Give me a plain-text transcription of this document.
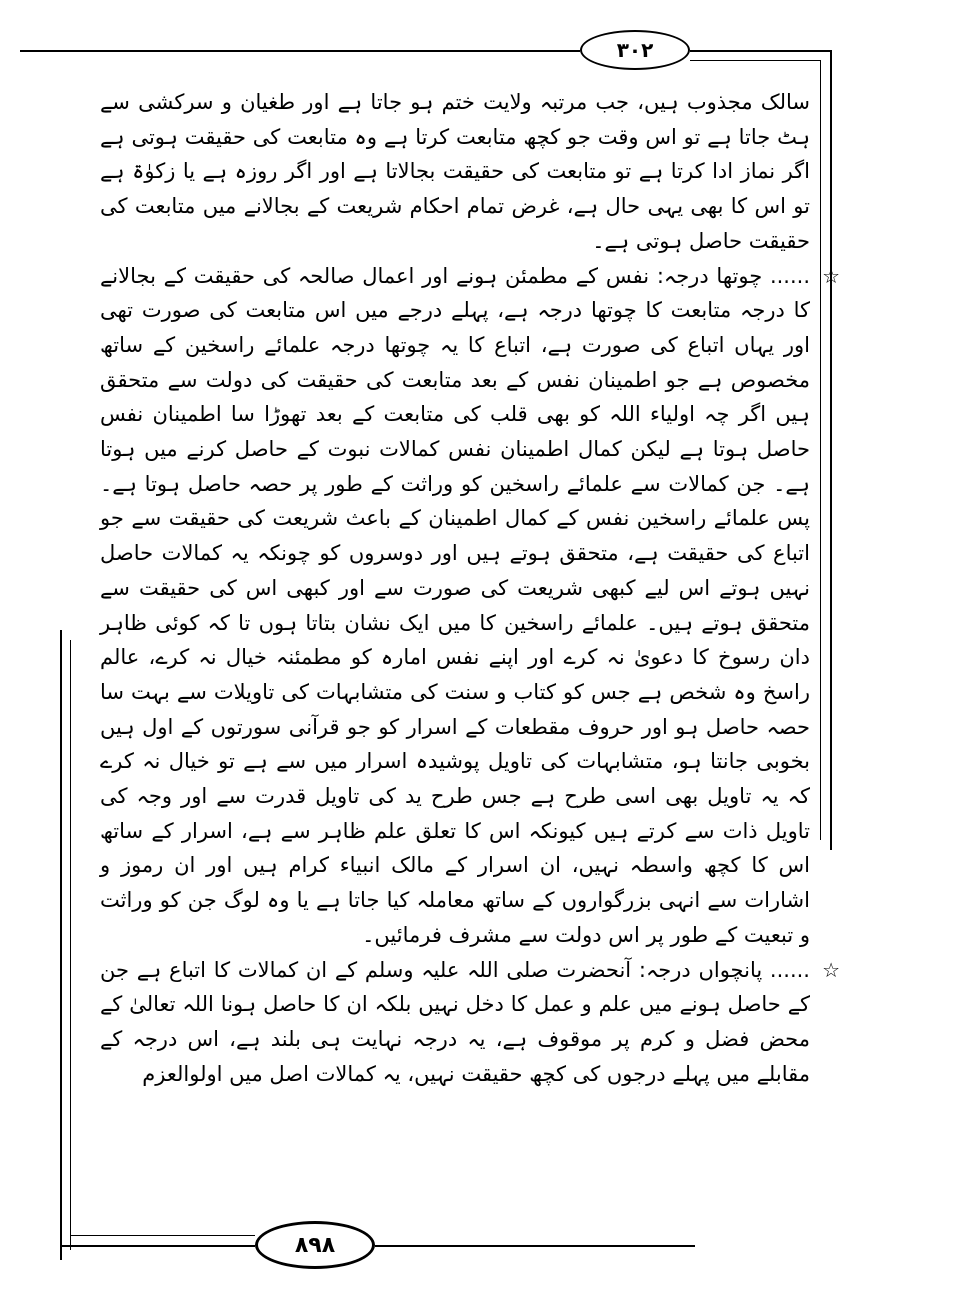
۳۰۲
۸۹۸

سالک مجذوب ہیں، جب مرتبہ ولایت ختم ہو جاتا ہے اور طغیان و سرکشی سے ہٹ جاتا ہے تو اس وقت جو کچھ متابعت کرتا ہے وہ متابعت کی حقیقت ہوتی ہے اگر نماز ادا کرتا ہے تو متابعت کی حقیقت بجالاتا ہے اور اگر روزہ ہے یا زکوٰۃ ہے تو اس کا بھی یہی حال ہے، غرض تمام احکام شریعت کے بجالانے میں متابعت کی حقیقت حاصل ہوتی ہے۔

☆

...... چوتھا درجہ: نفس کے مطمئن ہونے اور اعمال صالحہ کی حقیقت کے بجالانے کا درجہ متابعت کا چوتھا درجہ ہے، پہلے درجے میں اس متابعت کی صورت تھی اور یہاں اتباع کی صورت ہے، اتباع کا یہ چوتھا درجہ علمائے راسخین کے ساتھ مخصوص ہے جو اطمینان نفس کے بعد متابعت کی حقیقت کی دولت سے متحقق ہیں اگر چہ اولیاء اللہ کو بھی قلب کی متابعت کے بعد تھوڑا سا اطمینان نفس حاصل ہوتا ہے لیکن کمال اطمینان نفس کمالات نبوت کے حاصل کرنے میں ہوتا ہے۔ جن کمالات سے علمائے راسخین کو وراثت کے طور پر حصہ حاصل ہوتا ہے۔ پس علمائے راسخین نفس کے کمال اطمینان کے باعث شریعت کی حقیقت سے جو اتباع کی حقیقت ہے، متحقق ہوتے ہیں اور دوسروں کو چونکہ یہ کمالات حاصل نہیں ہوتے اس لیے کبھی شریعت کی صورت سے اور کبھی اس کی حقیقت سے متحقق ہوتے ہیں۔ علمائے راسخین کا میں ایک نشان بتاتا ہوں تا کہ کوئی ظاہر دان رسوخ کا دعویٰ نہ کرے اور اپنے نفس امارہ کو مطمئنہ خیال نہ کرے، عالم راسخ وہ شخص ہے جس کو کتاب و سنت کی متشابہات کی تاویلات سے بہت سا حصہ حاصل ہو اور حروف مقطعات کے اسرار کو جو قرآنی سورتوں کے اول ہیں بخوبی جانتا ہو، متشابہات کی تاویل پوشیدہ اسرار میں سے ہے تو خیال نہ کرے کہ یہ تاویل بھی اسی طرح ہے جس طرح ید کی تاویل قدرت سے اور وجہ کی تاویل ذات سے کرتے ہیں کیونکہ اس کا تعلق علم ظاہر سے ہے، اسرار کے ساتھ اس کا کچھ واسطہ نہیں، ان اسرار کے مالک انبیاء کرام ہیں اور ان رموز و اشارات سے انہی بزرگواروں کے ساتھ معاملہ کیا جاتا ہے یا وہ لوگ جن کو وراثت و تبعیت کے طور پر اس دولت سے مشرف فرمائیں۔

☆

...... پانچواں درجہ: آنحضرت صلی اللہ علیہ وسلم کے ان کمالات کا اتباع ہے جن کے حاصل ہونے میں علم و عمل کا دخل نہیں بلکہ ان کا حاصل ہونا اللہ تعالیٰ کے محض فضل و کرم پر موقوف ہے، یہ درجہ نہایت ہی بلند ہے، اس درجہ کے مقابلے میں پہلے درجوں کی کچھ حقیقت نہیں، یہ کمالات اصل میں اولوالعزم
